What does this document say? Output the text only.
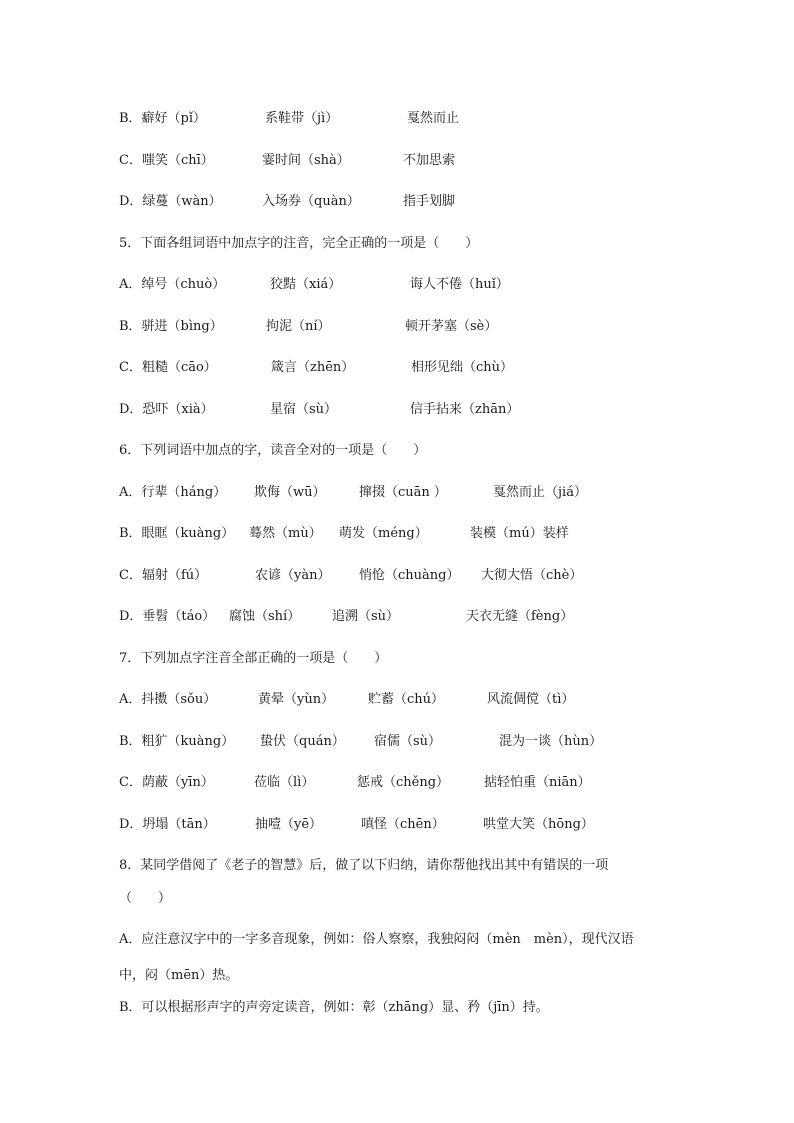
B．癖好（pǐ）	系鞋带（jì）	戛然而止
C．嗤笑（chī）	霎时间（shà）	不加思索
D．绿蔓（wàn）	入场券（quàn）	指手划脚
5．下面各组词语中加点字的注音，完全正确的一项是（　　）
A．绰号（chuò）	狡黠（xiá）	诲人不倦（huǐ）
B．骈进（bìng）	拘泥（ní）	顿开茅塞（sè）
C．粗糙（cāo）	箴言（zhēn）	相形见绌（chù）
D．恐吓（xià）	星宿（sù）	信手拈来（zhān）
6．下列词语中加点的字，读音全对的一项是（　　）
A．行辈（háng） 欺侮（wū）	撺掇（cuān ）	戛然而止（jiá）
B．眼眶（kuàng） 蓦然（mù） 萌发（méng）	装模（mú）装样
C．辐射（fú）	农谚（yàn） 悄怆（chuàng） 大彻大悟（chè）
D．垂髫（táo） 腐蚀（shí） 追溯（sù）	天衣无缝（fèng）
7．下列加点字注音全部正确的一项是（　　）
A．抖擞（sǒu）	黄晕（yùn）	贮蓄（chú）	风流倜傥（tì）
B．粗犷（kuàng） 蛰伏（quán） 宿儒（sù）	混为一谈（hùn）
C．荫蔽（yīn）	莅临（lì）	惩戒（chěng）	掂轻怕重（niān）
D．坍塌（tān）	抽噎（yē）	嗔怪（chēn）	哄堂大笑（hōng）
8．某同学借阅了《老子的智慧》后，做了以下归纳，请你帮他找出其中有错误的一项
（　　）
A．应注意汉字中的一字多音现象，例如：俗人察察，我独闷闷（mèn　mèn），现代汉语
中，闷（mēn）热。
B．可以根据形声字的声旁定读音，例如：彰（zhāng）显、矜（jīn）持。
